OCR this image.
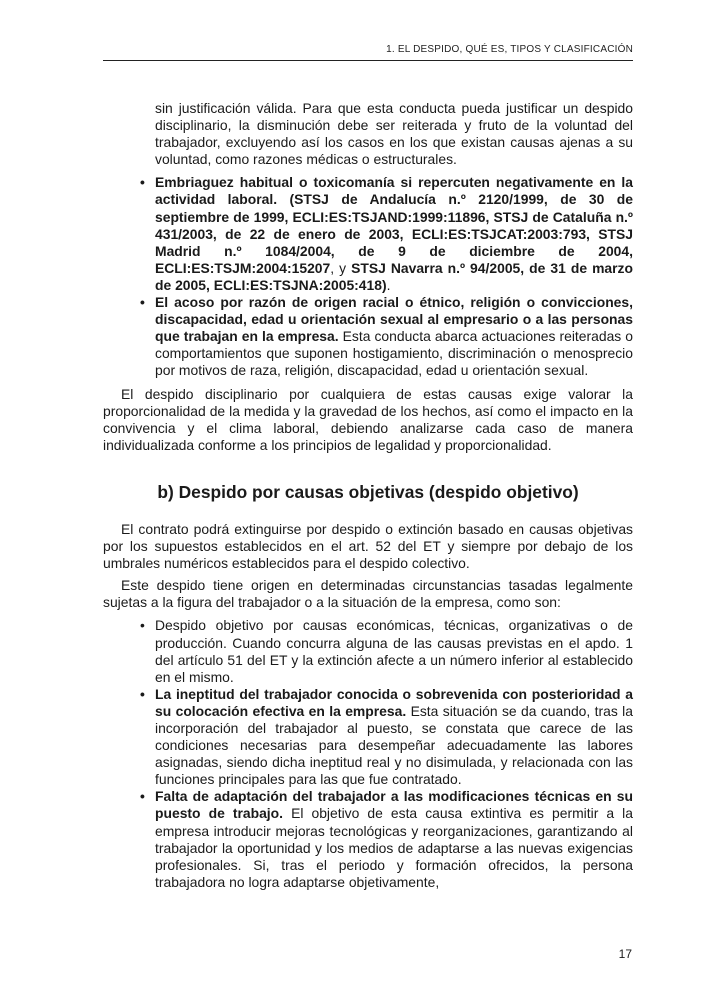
1. EL DESPIDO, QUÉ ES, TIPOS Y CLASIFICACIÓN

sin justificación válida. Para que esta conducta pueda justificar un despido disciplinario, la disminución debe ser reiterada y fruto de la voluntad del trabajador, excluyendo así los casos en los que existan causas ajenas a su voluntad, como razones médicas o estructurales.

• Embriaguez habitual o toxicomanía si repercuten negativamente en la actividad laboral. (STSJ de Andalucía n.º 2120/1999, de 30 de septiembre de 1999, ECLI:ES:TSJAND:1999:11896, STSJ de Cataluña n.º 431/2003, de 22 de enero de 2003, ECLI:ES:TSJCAT:2003:793, STSJ Madrid n.º 1084/2004, de 9 de diciembre de 2004, ECLI:ES:TSJM:2004:15207, y STSJ Navarra n.º 94/2005, de 31 de marzo de 2005, ECLI:ES:TSJNA:2005:418).
• El acoso por razón de origen racial o étnico, religión o convicciones, discapacidad, edad u orientación sexual al empresario o a las personas que trabajan en la empresa. Esta conducta abarca actuaciones reiteradas o comportamientos que suponen hostigamiento, discriminación o menosprecio por motivos de raza, religión, discapacidad, edad u orientación sexual.

El despido disciplinario por cualquiera de estas causas exige valorar la proporcionalidad de la medida y la gravedad de los hechos, así como el impacto en la convivencia y el clima laboral, debiendo analizarse cada caso de manera individualizada conforme a los principios de legalidad y proporcionalidad.

b) Despido por causas objetivas (despido objetivo)

El contrato podrá extinguirse por despido o extinción basado en causas objetivas por los supuestos establecidos en el art. 52 del ET y siempre por debajo de los umbrales numéricos establecidos para el despido colectivo.

Este despido tiene origen en determinadas circunstancias tasadas legalmente sujetas a la figura del trabajador o a la situación de la empresa, como son:

• Despido objetivo por causas económicas, técnicas, organizativas o de producción. Cuando concurra alguna de las causas previstas en el apdo. 1 del artículo 51 del ET y la extinción afecte a un número inferior al establecido en el mismo.
• La ineptitud del trabajador conocida o sobrevenida con posterioridad a su colocación efectiva en la empresa. Esta situación se da cuando, tras la incorporación del trabajador al puesto, se constata que carece de las condiciones necesarias para desempeñar adecuadamente las labores asignadas, siendo dicha ineptitud real y no disimulada, y relacionada con las funciones principales para las que fue contratado.
• Falta de adaptación del trabajador a las modificaciones técnicas en su puesto de trabajo. El objetivo de esta causa extintiva es permitir a la empresa introducir mejoras tecnológicas y reorganizaciones, garantizando al trabajador la oportunidad y los medios de adaptarse a las nuevas exigencias profesionales. Si, tras el periodo y formación ofrecidos, la persona trabajadora no logra adaptarse objetivamente,
17
